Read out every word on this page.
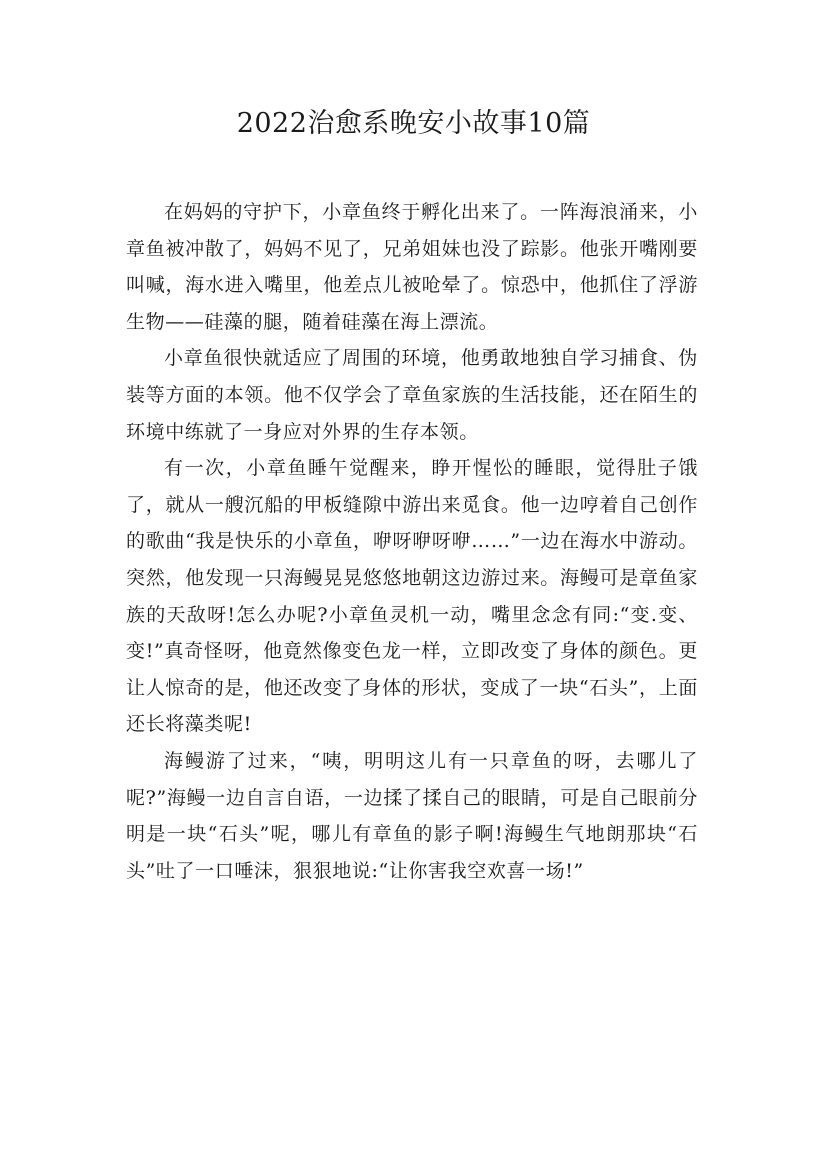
2022治愈系晚安小故事10篇

在妈妈的守护下，小章鱼终于孵化出来了。一阵海浪涌来，小章鱼被冲散了，妈妈不见了，兄弟姐妹也没了踪影。他张开嘴刚要叫喊，海水进入嘴里，他差点儿被呛晕了。惊恐中，他抓住了浮游生物——硅藻的腿，随着硅藻在海上漂流。

小章鱼很快就适应了周围的环境，他勇敢地独自学习捕食、伪装等方面的本领。他不仅学会了章鱼家族的生活技能，还在陌生的环境中练就了一身应对外界的生存本领。

有一次，小章鱼睡午觉醒来，睁开惺忪的睡眼，觉得肚子饿了，就从一艘沉船的甲板缝隙中游出来觅食。他一边哼着自己创作的歌曲“我是快乐的小章鱼，咿呀咿呀咿……”一边在海水中游动。突然，他发现一只海鳗晃晃悠悠地朝这边游过来。海鳗可是章鱼家族的天敌呀!怎么办呢?小章鱼灵机一动，嘴里念念有同:“变.变、变!”真奇怪呀，他竟然像变色龙一样，立即改变了身体的颜色。更让人惊奇的是，他还改变了身体的形状，变成了一块“石头”，上面还长将藻类呢!

海鳗游了过来，“咦，明明这儿有一只章鱼的呀，去哪儿了呢?”海鳗一边自言自语，一边揉了揉自己的眼睛，可是自己眼前分明是一块“石头”呢，哪儿有章鱼的影子啊!海鳗生气地朗那块“石头”吐了一口唾沫，狠狠地说:“让你害我空欢喜一场!”
